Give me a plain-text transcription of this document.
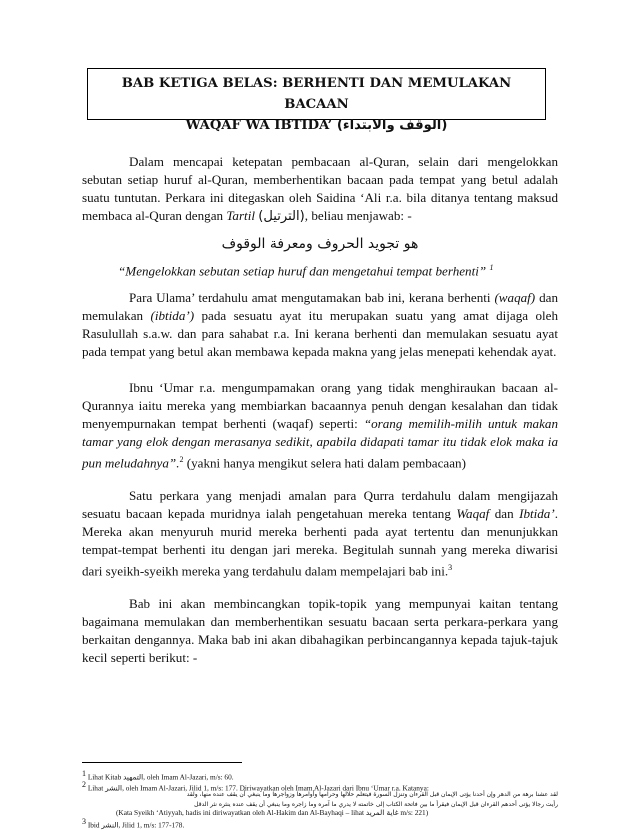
BAB KETIGA BELAS: BERHENTI DAN MEMULAKAN BACAAN
WAQAF WA IBTIDA’ (الوقف والابتداء)

Dalam mencapai ketepatan pembacaan al-Quran, selain dari mengelokkan sebutan setiap huruf al-Quran, memberhentikan bacaan pada tempat yang betul adalah suatu tuntutan. Perkara ini ditegaskan oleh Saidina ‘Ali r.a. bila ditanya tentang maksud membaca al-Quran dengan Tartil (الترتيل), beliau menjawab: -

هو تجويد الحروف ومعرفة الوقوف
“Mengelokkan sebutan setiap huruf dan mengetahui tempat berhenti” $^1$

Para Ulama’ terdahulu amat mengutamakan bab ini, kerana berhenti (waqaf) dan memulakan (ibtida’) pada sesuatu ayat itu merupakan suatu yang amat dijaga oleh Rasulullah s.a.w. dan para sahabat r.a. Ini kerana berhenti dan memulakan sesuatu ayat pada tempat yang betul akan membawa kepada makna yang jelas menepati kehendak ayat.

Ibnu ‘Umar r.a. mengumpamakan orang yang tidak menghiraukan bacaan al-Qurannya iaitu mereka yang membiarkan bacaannya penuh dengan kesalahan dan tidak menyempurnakan tempat berhenti (waqaf) seperti: “orang memilih-milih untuk makan tamar yang elok dengan merasanya sedikit, apabila didapati tamar itu tidak elok maka ia pun meludahnya”.$^2$ (yakni hanya mengikut selera hati dalam pembacaan)

Satu perkara yang menjadi amalan para Qurra terdahulu dalam mengijazah sesuatu bacaan kepada muridnya ialah pengetahuan mereka tentang Waqaf dan Ibtida’. Mereka akan menyuruh murid mereka berhenti pada ayat tertentu dan menunjukkan tempat-tempat berhenti itu dengan jari mereka. Begitulah sunnah yang mereka diwarisi dari syeikh-syeikh mereka yang terdahulu dalam mempelajari bab ini.$^3$

Bab ini akan membincangkan topik-topik yang mempunyai kaitan tentang bagaimana memulakan dan memberhentikan sesuatu bacaan serta perkara-perkara yang berkaitan dengannya. Maka bab ini akan dibahagikan perbincangannya kepada tajuk-tajuk kecil seperti berikut: -

$^1$ Lihat Kitab التمهيد, oleh Imam Al-Jazari, m/s: 60.

$^2$ Lihat النشر, oleh Imam Al-Jazari, Jilid 1, m/s: 177. Diriwayatkan oleh Imam Al-Jazari dari Ibnu ‘Umar r.a. Katanya:

لقد عشنا برهة من الدهر وإن أحدنا يؤتى الإيمان قبل القرءان وتنزل السورة فيتعلم حلالها وحرامها وأوامرها وزواجرها وما ينبغي أن يقف عنده منها، ولقد
رأيت رجالا يؤتى أحدهم القرءان قبل الإيمان فيقرأ ما بين فاتحة الكتاب إلى خاتمته لا يدري ما آمره وما زاجره وما ينبغي أن يقف عنده ينثره نثر الدقل

(Kata Syeikh ‘Atiyyah, hadis ini diriwayatkan oleh Al-Hakim dan Al-Bayhaqi – lihat غاية المريد m/s: 221)

$^3$ Ibid النشر, Jilid 1, m/s: 177-178.
